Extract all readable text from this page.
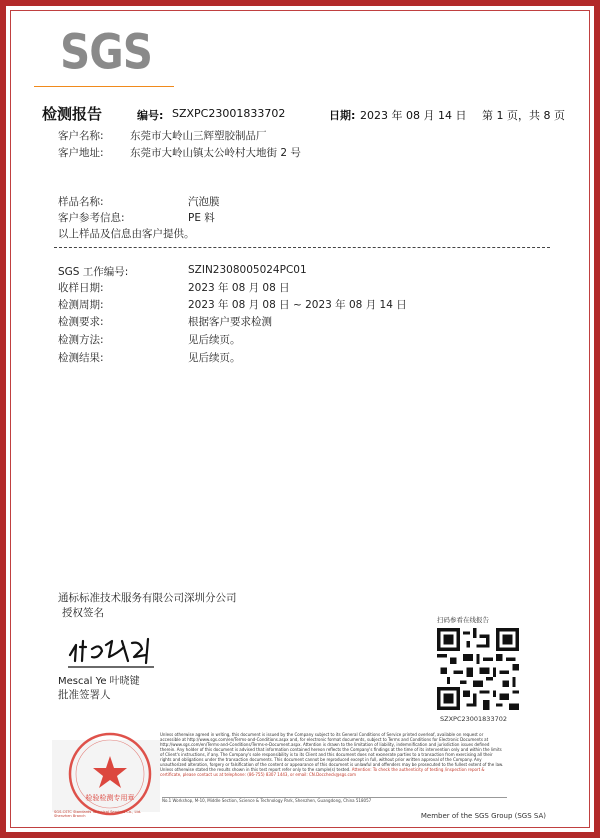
SGS
检测报告	编号: SZXPC23001833702	日期: 2023 年 08 月 14 日 第 1 页，共 8 页
客户名称:	东莞市大岭山三辉塑胶制品厂
客户地址:	东莞市大岭山镇太公岭村大地街 2 号
样品名称:	汽泡膜
客户参考信息:	PE 料
以上样品及信息由客户提供。
SGS 工作编号:	SZIN2308005024PC01
收样日期:	2023 年 08 月 08 日
检测周期:	2023 年 08 月 08 日 ~ 2023 年 08 月 14 日
检测要求:	根据客户要求检测
检测方法:	见后续页。
检测结果:	见后续页。
通标标准技术服务有限公司深圳分公司
授权签名
Mescal Ye 叶晓键
批准签署人
扫码参看在线报告
SZXPC23001833702
检验检测专用章
SGS-CSTC Standards Technical Services Co., Ltd. Shenzhen Branch
Unless otherwise agreed in writing, this document is issued by the Company subject to its General Conditions of Service printed overleaf, available on request or accessible at http://www.sgs.com/en/Terms-and-Conditions.aspx and, for electronic format documents, subject to Terms and Conditions for Electronic Documents at http://www.sgs.com/en/Terms-and-Conditions/Terms-e-Document.aspx. Attention is drawn to the limitation of liability, indemnification and jurisdiction issues defined therein. Any holder of this document is advised that information contained hereon reflects the Company's findings at the time of its intervention only and within the limits of Client's instructions, if any. The Company's sole responsibility is to its Client and this document does not exonerate parties to a transaction from exercising all their rights and obligations under the transaction documents. This document cannot be reproduced except in full, without prior written approval of the Company. Any unauthorized alteration, forgery or falsification of the content or appearance of this document is unlawful and offenders may be prosecuted to the fullest extent of the law. Unless otherwise stated the results shown in this test report refer only to the sample(s) tested. Attention: To check the authenticity of testing /inspection report & certificate, please contact us at telephone: (86-755) 8307 1443, or email: CN.Doccheck@sgs.com
No.1 Workshop, M-10, Middle Section, Science & Technology Park, Shenzhen, Guangdong, China 518057
Member of the SGS Group (SGS SA)
